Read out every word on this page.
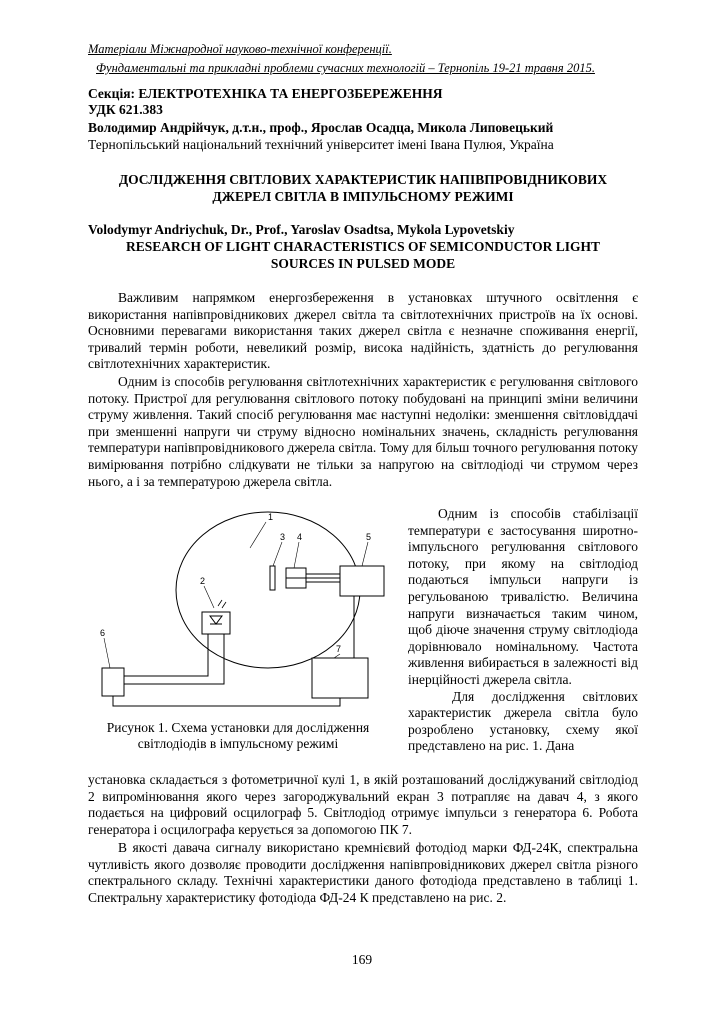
Матеріали Міжнародної науково-технічної конференції.
Фундаментальні та прикладні проблеми сучасних технологій – Тернопіль 19-21 травня 2015.
Секція: ЕЛЕКТРОТЕХНІКА ТА ЕНЕРГОЗБЕРЕЖЕННЯ
УДК 621.383
Володимир Андрійчук, д.т.н., проф., Ярослав Осадца, Микола Липовецький
Тернопільський національний технічний університет імені Івана Пулюя, Україна
ДОСЛІДЖЕННЯ СВІТЛОВИХ ХАРАКТЕРИСТИК НАПІВПРОВІДНИКОВИХ
ДЖЕРЕЛ СВІТЛА В ІМПУЛЬСНОМУ РЕЖИМІ
Volodymyr Andriychuk, Dr., Prof., Yaroslav Osadtsa, Mykola Lypovetskiy
RESEARCH OF LIGHT CHARACTERISTICS OF SEMICONDUCTOR LIGHT
SOURCES IN PULSED MODE

Важливим напрямком енергозбереження в установках штучного освітлення є використання напівпровідникових джерел світла та світлотехнічних пристроїв на їх основі. Основними перевагами використання таких джерел світла є незначне споживання енергії, тривалий термін роботи, невеликий розмір, висока надійність, здатність до регулювання світлотехнічних характеристик.

Одним із способів регулювання світлотехнічних характеристик є регулювання світлового потоку. Пристрої для регулювання світлового потоку побудовані на принципі зміни величини струму живлення. Такий спосіб регулювання має наступні недоліки: зменшення світловіддачі при зменшенні напруги чи струму відносно номінальних значень, складність регулювання температури напівпровідникового джерела світла. Тому для більш точного регулювання потоку вимірювання потрібно слідкувати не тільки за напругою на світлодіоді чи струмом через нього, а і за температурою джерела світла.

1
2
3 4	5
6
7
Рисунок 1. Схема установки для дослідження
світлодіодів в імпульсному режимі

Одним із способів стабілізації температури є застосування широтно-імпульсного регулювання світлового потоку, при якому на світлодіод подаються імпульси напруги із регульованою тривалістю. Величина напруги визначається таким чином, щоб діюче значення струму світлодіода дорівнювало номінальному. Частота живлення вибирається в залежності від інерційності джерела світла.

Для дослідження світлових характеристик джерела світла було розроблено установку, схему якої представлено на рис. 1. Дана

установка складається з фотометричної кулі 1, в якій розташований досліджуваний світлодіод 2 випромінювання якого через загороджувальний екран 3 потрапляє на давач 4, з якого подається на цифровий осцилограф 5. Світлодіод отримує імпульси з генератора 6. Робота генератора і осцилографа керується за допомогою ПК 7.

В якості давача сигналу використано кремнієвий фотодіод марки ФД-24К, спектральна чутливість якого дозволяє проводити дослідження напівпровідникових джерел світла різного спектрального складу. Технічні характеристики даного фотодіода представлено в таблиці 1. Спектральну характеристику фотодіода ФД-24 К представлено на рис. 2.

169
